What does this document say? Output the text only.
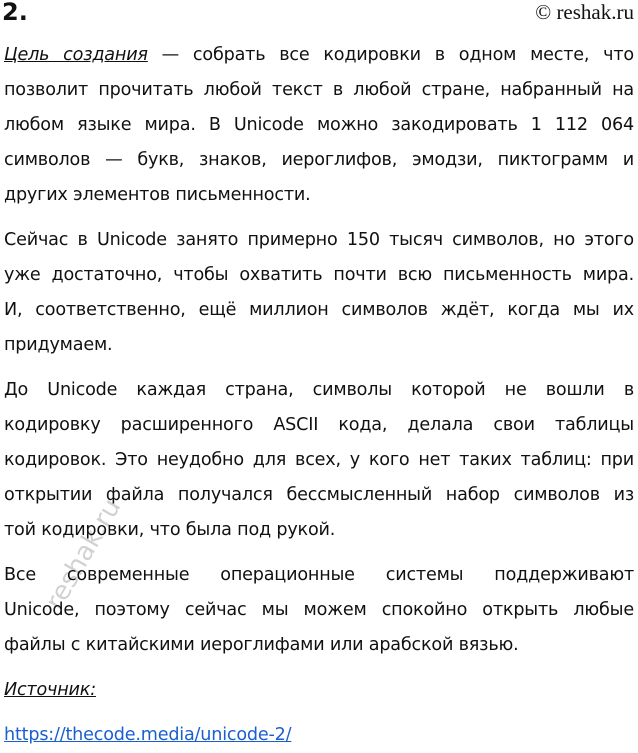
2.	© reshak.ru
Цель создания — собрать все кодировки в одном месте, что
позволит прочитать любой текст в любой стране, набранный на
любом языке мира. В Unicode можно закодировать 1 112 064
символов — букв, знаков, иероглифов, эмодзи, пиктограмм и
других элементов письменности.
Сейчас в Unicode занято примерно 150 тысяч символов, но этого
уже достаточно, чтобы охватить почти всю письменность мира.
И, соответственно, ещё миллион символов ждёт, когда мы их
придумаем.
До Unicode каждая страна, символы которой не вошли в
кодировку расширенного ASCII кода, делала свои таблицы
кодировок. Это неудобно для всех, у кого нет таких таблиц: при
открытии файла получался бессмысленный набор символов из
той кодировки, что была под рукой.
Все современные операционные системы поддерживают
Unicode, поэтому сейчас мы можем спокойно открыть любые
файлы с китайскими иероглифами или арабской вязью.
Источник:
https://thecode.media/unicode-2/
reshak.ru
